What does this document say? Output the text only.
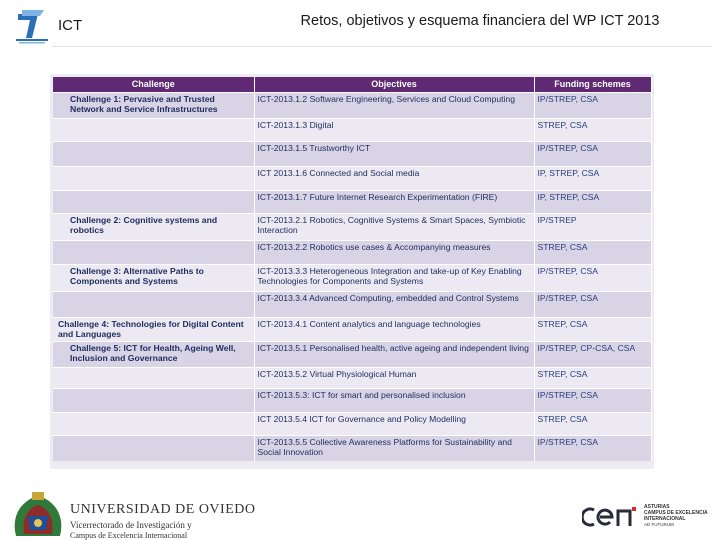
ICT	Retos, objetivos y esquema financiera del WP ICT 2013
Challenge	Objectives	Funding schemes
Challenge 1: Pervasive and Trusted Network and Service Infrastructures	ICT-2013.1.2 Software Engineering, Services and Cloud Computing	IP/STREP, CSA
	ICT-2013.1.3 Digital	STREP, CSA
	ICT-2013.1.5 Trustworthy ICT	IP/STREP, CSA
	ICT 2013.1.6 Connected and Social media	IP, STREP, CSA
	ICT-2013.1.7 Future Internet Research Experimentation (FIRE)	IP, STREP, CSA
Challenge 2: Cognitive systems and robotics	ICT-2013.2.1 Robotics, Cognitive Systems & Smart Spaces, Symbiotic Interaction	IP/STREP
	ICT-2013.2.2 Robotics use cases & Accompanying measures	STREP, CSA
Challenge 3: Alternative Paths to Components and Systems	ICT-2013.3.3 Heterogeneous Integration and take-up of Key Enabling Technologies for Components and Systems	IP/STREP, CSA
	ICT-2013.3.4 Advanced Computing, embedded and Control Systems	IP/STREP, CSA
Challenge 4: Technologies for Digital Content and Languages	ICT-2013.4.1 Content analytics and language technologies	STREP, CSA
Challenge 5: ICT for Health, Ageing Well, Inclusion and Governance	ICT-2013.5.1 Personalised health, active ageing and independent living	IP/STREP, CP-CSA, CSA
	ICT-2013.5.2 Virtual Physiological Human	STREP, CSA
	ICT-2013.5.3: ICT for smart and personalised inclusion	IP/STREP, CSA
	ICT 2013.5.4 ICT for Governance and Policy Modelling	STREP, CSA
	ICT-2013.5.5 Collective Awareness Platforms for Sustainability and Social Innovation	IP/STREP, CSA
UNIVERSIDAD DE OVIEDO
Vicerrectorado de Investigación y
Campus de Excelencia Internacional
ASTURIAS
CAMPUS DE EXCELENCIA
INTERNACIONAL
AD FUTURUM
